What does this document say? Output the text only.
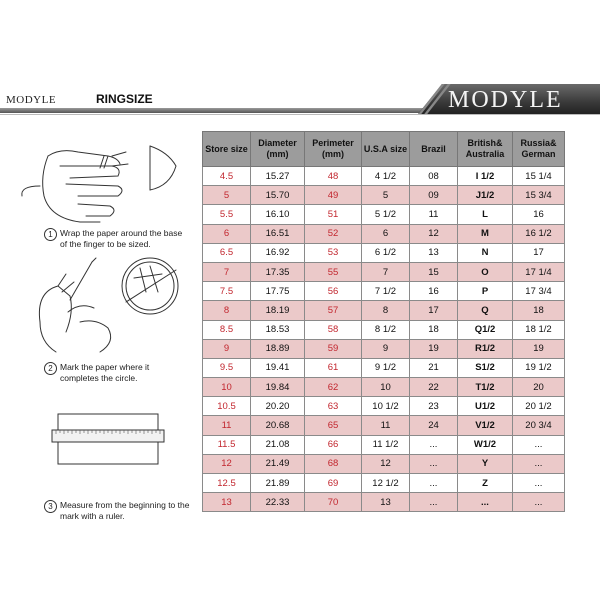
MODYLE	RINGSIZE	MODYLE
1 Wrap the paper around the base of the finger to be sized.
2 Mark the paper where it completes the circle.
3 Measure from the beginning to the mark with a ruler.
Store size	Diameter (mm)	Perimeter (mm)	U.S.A size	Brazil	British& Australia	Russia& German
4.5	15.27	48	4 1/2	08	I 1/2	15 1/4
5	15.70	49	5	09	J1/2	15 3/4
5.5	16.10	51	5 1/2	11	L	16
6	16.51	52	6	12	M	16 1/2
6.5	16.92	53	6 1/2	13	N	17
7	17.35	55	7	15	O	17 1/4
7.5	17.75	56	7 1/2	16	P	17 3/4
8	18.19	57	8	17	Q	18
8.5	18.53	58	8 1/2	18	Q1/2	18 1/2
9	18.89	59	9	19	R1/2	19
9.5	19.41	61	9 1/2	21	S1/2	19 1/2
10	19.84	62	10	22	T1/2	20
10.5	20.20	63	10 1/2	23	U1/2	20 1/2
11	20.68	65	11	24	V1/2	20 3/4
11.5	21.08	66	11 1/2	...	W1/2	...
12	21.49	68	12	...	Y	...
12.5	21.89	69	12 1/2	...	Z	...
13	22.33	70	13	...	...	...
